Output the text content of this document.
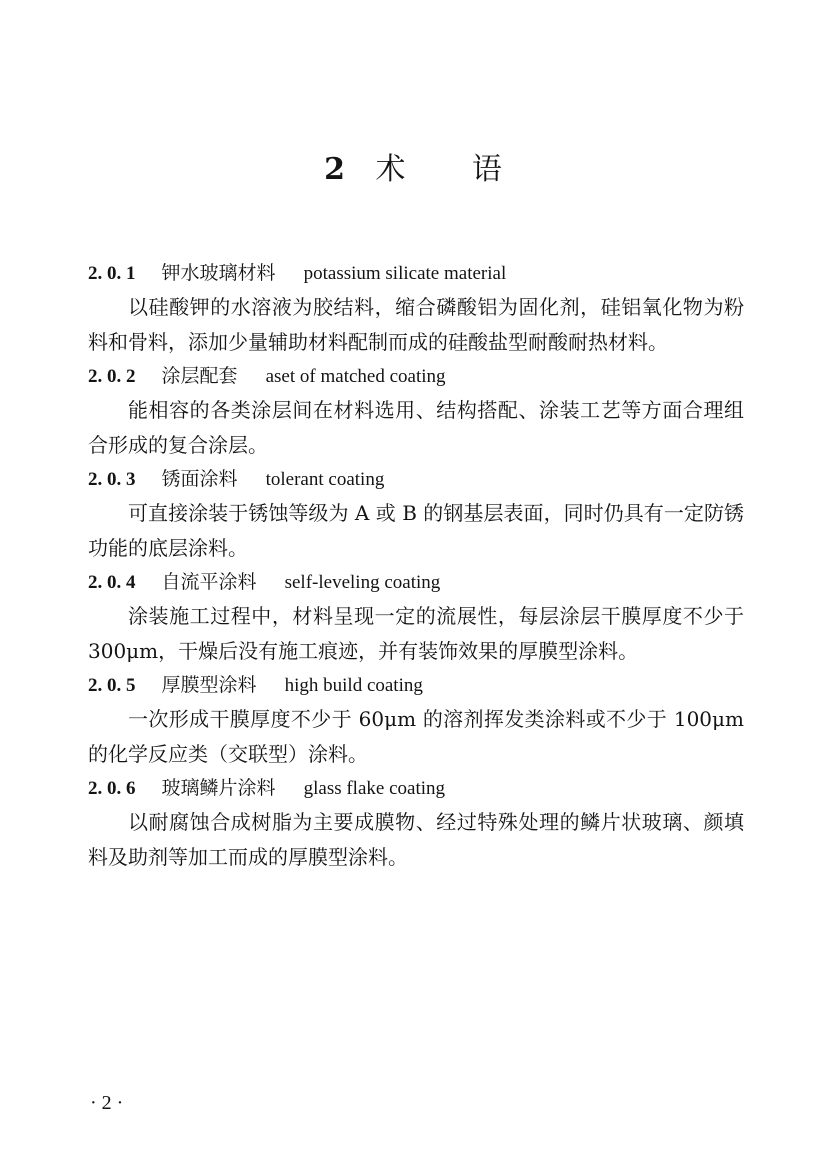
2 术 语
2. 0. 1 钾水玻璃材料 potassium silicate material

以硅酸钾的水溶液为胶结料，缩合磷酸铝为固化剂，硅铝氧化物为粉料和骨料，添加少量辅助材料配制而成的硅酸盐型耐酸耐热材料。

2. 0. 2 涂层配套 aset of matched coating

能相容的各类涂层间在材料选用、结构搭配、涂装工艺等方面合理组合形成的复合涂层。

2. 0. 3 锈面涂料 tolerant coating

可直接涂装于锈蚀等级为 A 或 B 的钢基层表面，同时仍具有一定防锈功能的底层涂料。

2. 0. 4 自流平涂料 self-leveling coating

涂装施工过程中，材料呈现一定的流展性，每层涂层干膜厚度不少于 300μm，干燥后没有施工痕迹，并有装饰效果的厚膜型涂料。

2. 0. 5 厚膜型涂料 high build coating

一次形成干膜厚度不少于 60μm 的溶剂挥发类涂料或不少于 100μm 的化学反应类（交联型）涂料。

2. 0. 6 玻璃鳞片涂料 glass flake coating

以耐腐蚀合成树脂为主要成膜物、经过特殊处理的鳞片状玻璃、颜填料及助剂等加工而成的厚膜型涂料。

· 2 ·
